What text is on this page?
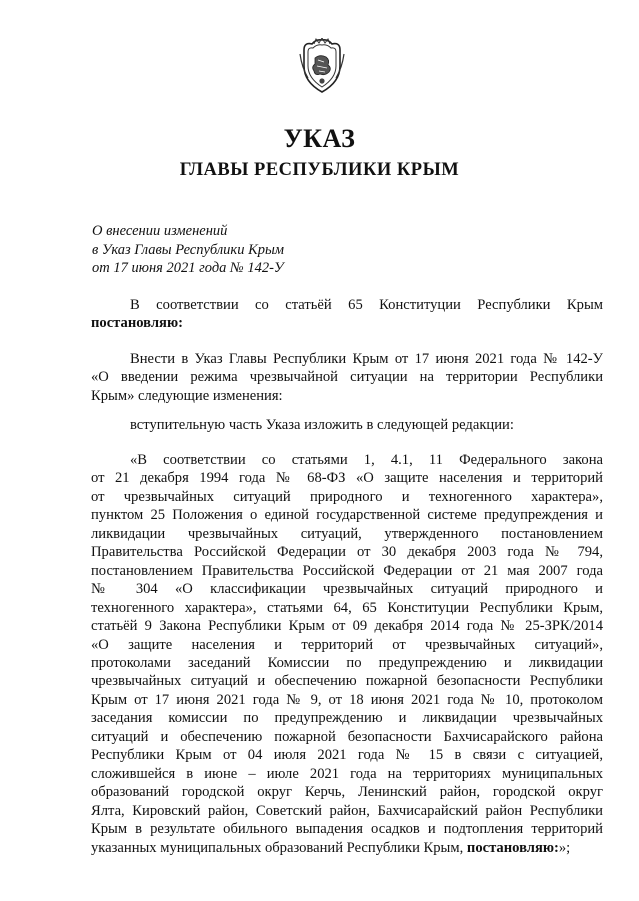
УКАЗ
ГЛАВЫ РЕСПУБЛИКИ КРЫМ
О внесении изменений
в Указ Главы Республики Крым
от 17 июня 2021 года № 142-У
В соответствии со статьёй 65 Конституции Республики Крым
постановляю:
Внести в Указ Главы Республики Крым от 17 июня 2021 года № 142-У
«О введении режима чрезвычайной ситуации на территории Республики
Крым» следующие изменения:
вступительную часть Указа изложить в следующей редакции:
«В соответствии со статьями 1, 4.1, 11 Федерального закона
от 21 декабря 1994 года № 68-ФЗ «О защите населения и территорий
от чрезвычайных ситуаций природного и техногенного характера»,
пунктом 25 Положения о единой государственной системе предупреждения и
ликвидации чрезвычайных ситуаций, утвержденного постановлением
Правительства Российской Федерации от 30 декабря 2003 года № 794,
постановлением Правительства Российской Федерации от 21 мая 2007 года
№ 304 «О классификации чрезвычайных ситуаций природного и
техногенного характера», статьями 64, 65 Конституции Республики Крым,
статьёй 9 Закона Республики Крым от 09 декабря 2014 года № 25-ЗРК/2014
«О защите населения и территорий от чрезвычайных ситуаций»,
протоколами заседаний Комиссии по предупреждению и ликвидации
чрезвычайных ситуаций и обеспечению пожарной безопасности Республики
Крым от 17 июня 2021 года № 9, от 18 июня 2021 года № 10, протоколом
заседания комиссии по предупреждению и ликвидации чрезвычайных
ситуаций и обеспечению пожарной безопасности Бахчисарайского района
Республики Крым от 04 июля 2021 года № 15 в связи с ситуацией,
сложившейся в июне – июле 2021 года на территориях муниципальных
образований городской округ Керчь, Ленинский район, городской округ
Ялта, Кировский район, Советский район, Бахчисарайский район Республики
Крым в результате обильного выпадения осадков и подтопления территорий
указанных муниципальных образований Республики Крым, постановляю:»;
